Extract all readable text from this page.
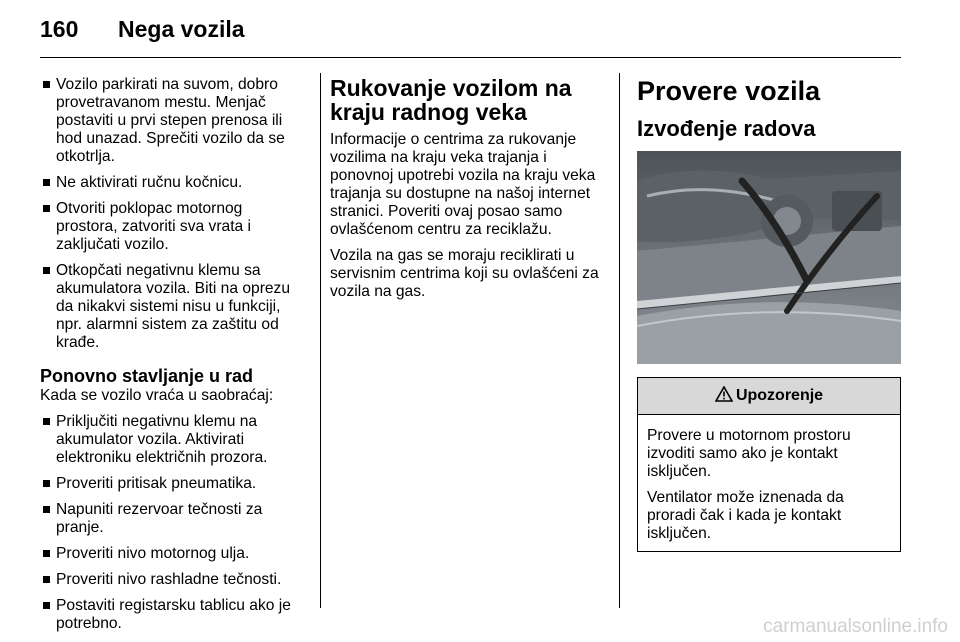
160 Nega vozila
Vozilo parkirati na suvom, dobro provetravanom mestu. Menjač postaviti u prvi stepen prenosa ili hod unazad. Sprečiti vozilo da se otkotrlja.
Ne aktivirati ručnu kočnicu.
Otvoriti poklopac motornog prostora, zatvoriti sva vrata i zaključati vozilo.
Otkopčati negativnu klemu sa akumulatora vozila. Biti na oprezu da nikakvi sistemi nisu u funkciji, npr. alarmni sistem za zaštitu od krađe.
Ponovno stavljanje u rad

Kada se vozilo vraća u saobraćaj:

Priključiti negativnu klemu na akumulator vozila. Aktivirati elektroniku električnih prozora.
Proveriti pritisak pneumatika.
Napuniti rezervoar tečnosti za pranje.
Proveriti nivo motornog ulja.
Proveriti nivo rashladne tečnosti.
Postaviti registarsku tablicu ako je potrebno.
Rukovanje vozilom na kraju radnog veka

Informacije o centrima za rukovanje vozilima na kraju veka trajanja i ponovnoj upotrebi vozila na kraju veka trajanja su dostupne na našoj internet stranici. Poveriti ovaj posao samo ovlašćenom centru za reciklažu.

Vozila na gas se moraju reciklirati u servisnim centrima koji su ovlašćeni za vozila na gas.

Provere vozila
Izvođenje radova
Upozorenje

Provere u motornom prostoru izvoditi samo ako je kontakt isključen.

Ventilator može iznenada da proradi čak i kada je kontakt isključen.

carmanualsonline.info
